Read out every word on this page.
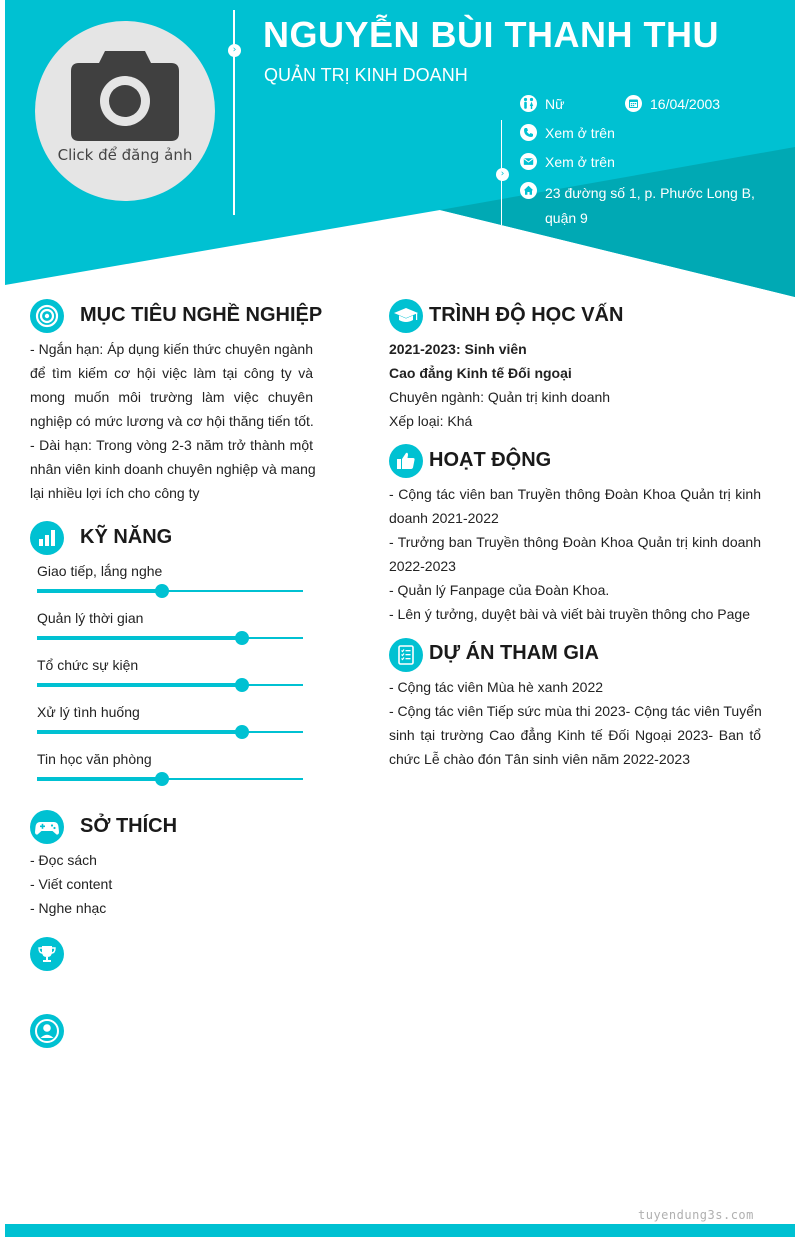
Click để đăng ảnh
›
›
NGUYỄN BÙI THANH THU
QUẢN TRỊ KINH DOANH
Nữ	16/04/2003
Xem ở trên
Xem ở trên
23 đường số 1, p. Phước Long B, quận 9
MỤC TIÊU NGHỀ NGHIỆP
- Ngắn hạn: Áp dụng kiến thức chuyên ngành
để tìm kiếm cơ hội việc làm tại công ty và
mong muốn môi trường làm việc chuyên
nghiệp có mức lương và cơ hội thăng tiến tốt.
- Dài hạn: Trong vòng 2-3 năm trở thành một
nhân viên kinh doanh chuyên nghiệp và mang
lại nhiều lợi ích cho công ty
KỸ NĂNG
Giao tiếp, lắng nghe
Quản lý thời gian
Tổ chức sự kiện
Xử lý tình huống
Tin học văn phòng
SỞ THÍCH
- Đọc sách
- Viết content
- Nghe nhạc
TRÌNH ĐỘ HỌC VẤN
2021-2023: Sinh viên
Cao đẳng Kinh tế Đối ngoại
Chuyên ngành: Quản trị kinh doanh
Xếp loại: Khá
HOẠT ĐỘNG
- Cộng tác viên ban Truyền thông Đoàn Khoa Quản trị kinh
doanh 2021-2022
- Trưởng ban Truyền thông Đoàn Khoa Quản trị kinh doanh
2022-2023
- Quản lý Fanpage của Đoàn Khoa.
- Lên ý tưởng, duyệt bài và viết bài truyền thông cho Page
DỰ ÁN THAM GIA
- Cộng tác viên Mùa hè xanh 2022
- Cộng tác viên Tiếp sức mùa thi 2023- Cộng tác viên Tuyển
sinh tại trường Cao đẳng Kinh tế Đối Ngoại 2023- Ban tổ
chức Lễ chào đón Tân sinh viên năm 2022-2023
tuyendung3s.com
